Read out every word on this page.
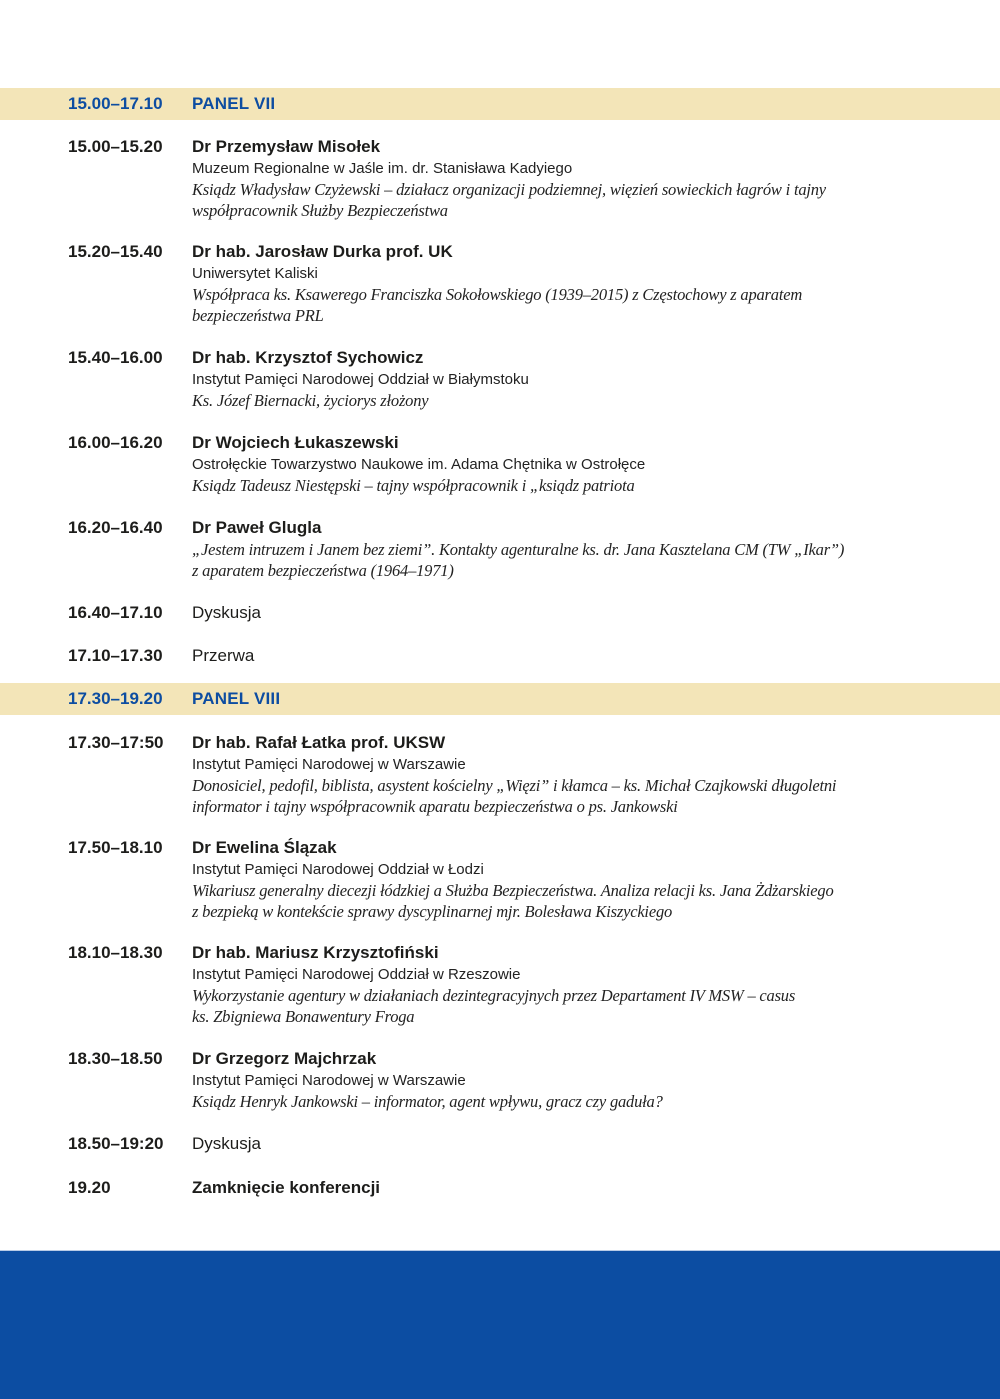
15.00–17.10 PANEL VII
15.00–15.20 Dr Przemysław Misołek
Muzeum Regionalne w Jaśle im. dr. Stanisława Kadyiego
Ksiądz Władysław Czyżewski – działacz organizacji podziemnej, więzień sowieckich łagrów i tajny
współpracownik Służby Bezpieczeństwa
15.20–15.40 Dr hab. Jarosław Durka prof. UK
Uniwersytet Kaliski
Współpraca ks. Ksawerego Franciszka Sokołowskiego (1939–2015) z Częstochowy z aparatem
bezpieczeństwa PRL
15.40–16.00 Dr hab. Krzysztof Sychowicz
Instytut Pamięci Narodowej Oddział w Białymstoku
Ks. Józef Biernacki, życiorys złożony
16.00–16.20 Dr Wojciech Łukaszewski
Ostrołęckie Towarzystwo Naukowe im. Adama Chętnika w Ostrołęce
Ksiądz Tadeusz Niestępski – tajny współpracownik i „ksiądz patriota
16.20–16.40 Dr Paweł Glugla
„Jestem intruzem i Janem bez ziemi”. Kontakty agenturalne ks. dr. Jana Kasztelana CM (TW „Ikar”)
z aparatem bezpieczeństwa (1964–1971)
16.40–17.10 Dyskusja
17.10–17.30 Przerwa
17.30–19.20 PANEL VIII
17.30–17:50 Dr hab. Rafał Łatka prof. UKSW
Instytut Pamięci Narodowej w Warszawie
Donosiciel, pedofil, biblista, asystent kościelny „Więzi” i kłamca – ks. Michał Czajkowski długoletni
informator i tajny współpracownik aparatu bezpieczeństwa o ps. Jankowski
17.50–18.10 Dr Ewelina Ślązak
Instytut Pamięci Narodowej Oddział w Łodzi
Wikariusz generalny diecezji łódzkiej a Służba Bezpieczeństwa. Analiza relacji ks. Jana Żdżarskiego
z bezpieką w kontekście sprawy dyscyplinarnej mjr. Bolesława Kiszyckiego
18.10–18.30 Dr hab. Mariusz Krzysztofiński
Instytut Pamięci Narodowej Oddział w Rzeszowie
Wykorzystanie agentury w działaniach dezintegracyjnych przez Departament IV MSW – casus
ks. Zbigniewa Bonawentury Froga
18.30–18.50 Dr Grzegorz Majchrzak
Instytut Pamięci Narodowej w Warszawie
Ksiądz Henryk Jankowski – informator, agent wpływu, gracz czy gaduła?
18.50–19:20 Dyskusja
19.20	Zamknięcie konferencji
